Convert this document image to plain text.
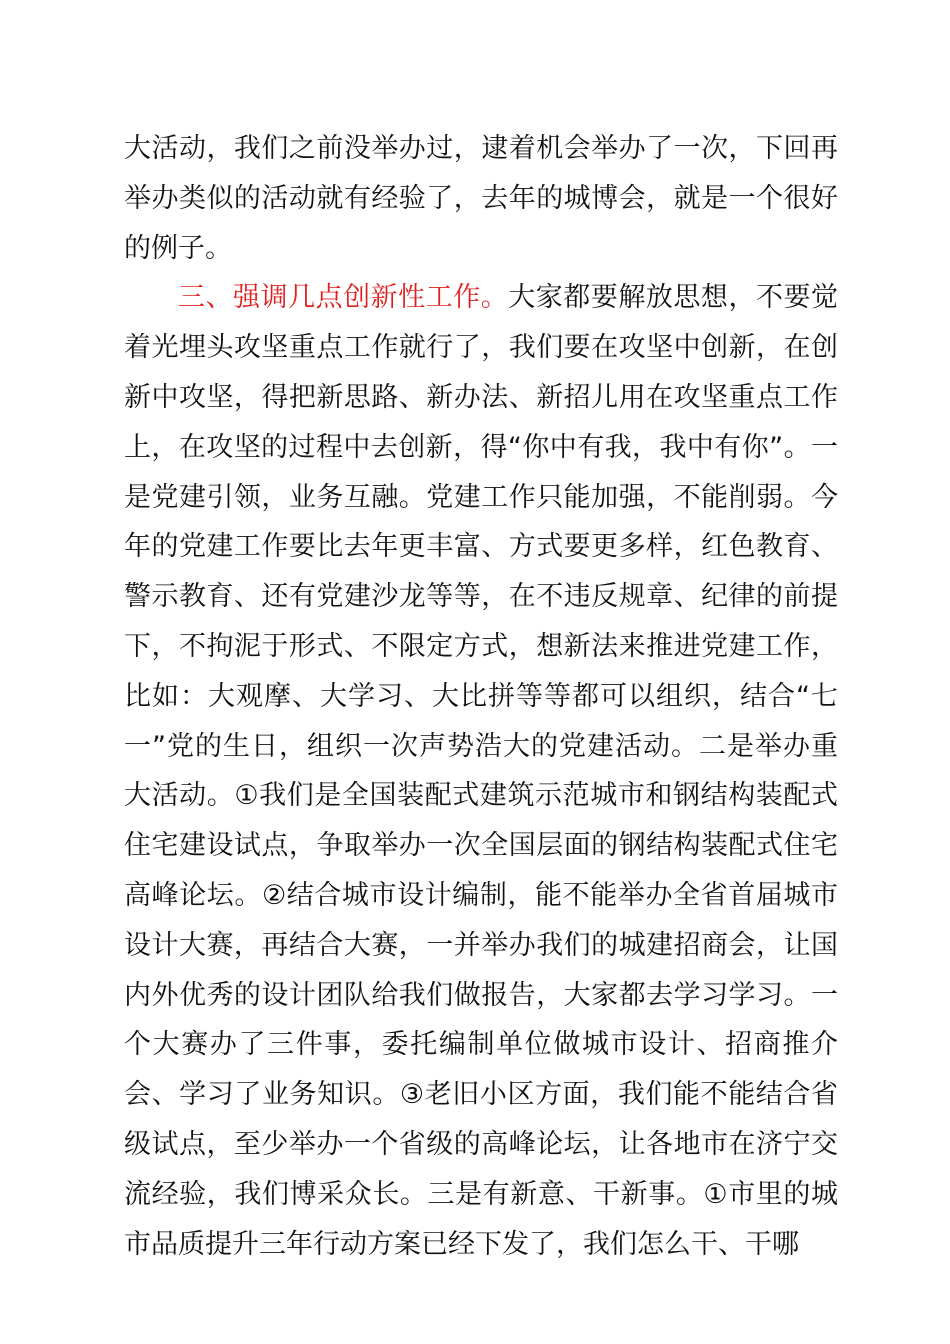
大活动，我们之前没举办过，逮着机会举办了一次，下回再举办类似的活动就有经验了，去年的城博会，就是一个很好的例子。

三、强调几点创新性工作。大家都要解放思想，不要觉着光埋头攻坚重点工作就行了，我们要在攻坚中创新，在创新中攻坚，得把新思路、新办法、新招儿用在攻坚重点工作上，在攻坚的过程中去创新，得“你中有我，我中有你”。一是党建引领，业务互融。党建工作只能加强，不能削弱。今年的党建工作要比去年更丰富、方式要更多样，红色教育、警示教育、还有党建沙龙等等，在不违反规章、纪律的前提下，不拘泥于形式、不限定方式，想新法来推进党建工作，比如：大观摩、大学习、大比拼等等都可以组织，结合“七一”党的生日，组织一次声势浩大的党建活动。二是举办重大活动。①我们是全国装配式建筑示范城市和钢结构装配式住宅建设试点，争取举办一次全国层面的钢结构装配式住宅高峰论坛。②结合城市设计编制，能不能举办全省首届城市设计大赛，再结合大赛，一并举办我们的城建招商会，让国内外优秀的设计团队给我们做报告，大家都去学习学习。一个大赛办了三件事，委托编制单位做城市设计、招商推介会、学习了业务知识。③老旧小区方面，我们能不能结合省级试点，至少举办一个省级的高峰论坛，让各地市在济宁交流经验，我们博采众长。三是有新意、干新事。①市里的城市品质提升三年行动方案已经下发了，我们怎么干、干哪
